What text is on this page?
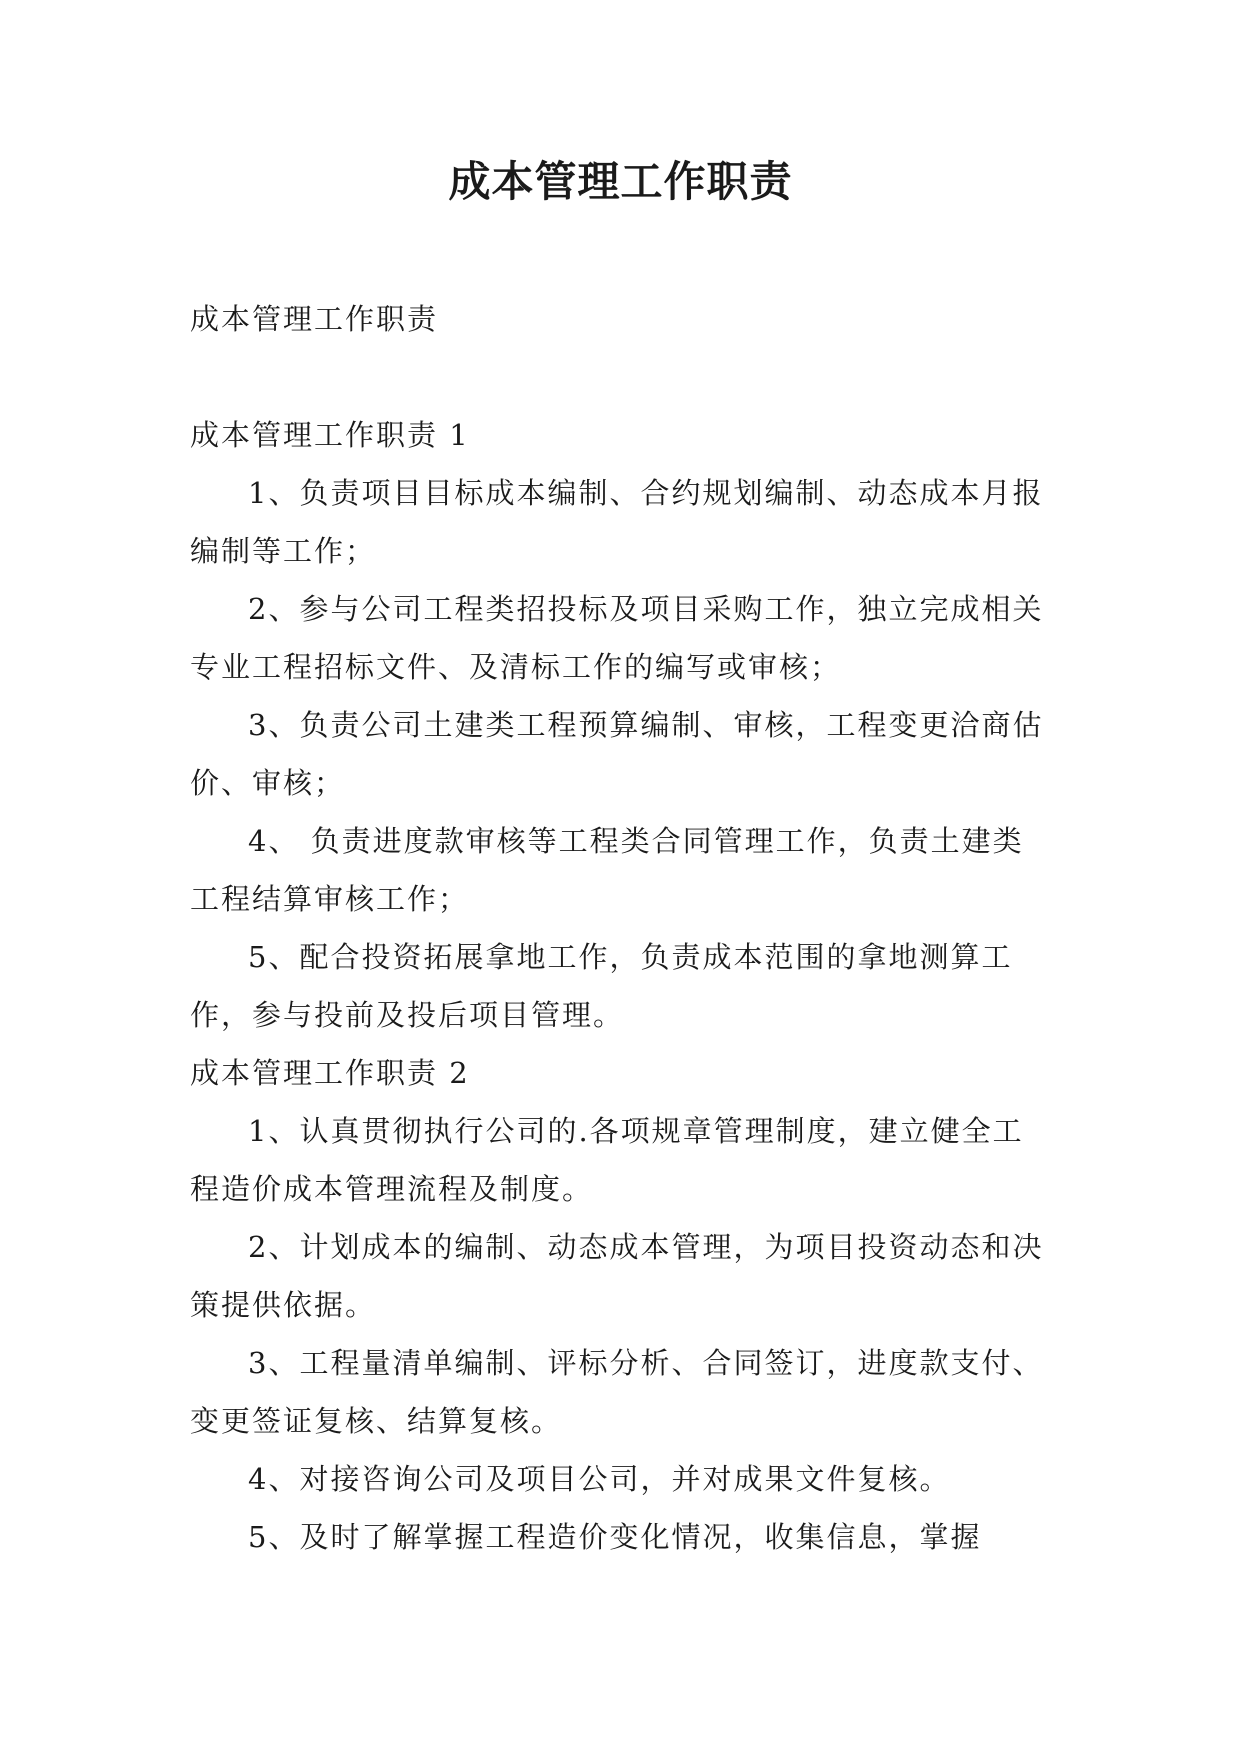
成本管理工作职责
成本管理工作职责
成本管理工作职责 1

1、负责项目目标成本编制、合约规划编制、动态成本月报编制等工作；

2、参与公司工程类招投标及项目采购工作，独立完成相关专业工程招标文件、及清标工作的编写或审核；

3、负责公司土建类工程预算编制、审核，工程变更洽商估价、审核；

4、 负责进度款审核等工程类合同管理工作，负责土建类工程结算审核工作；

5、配合投资拓展拿地工作，负责成本范围的拿地测算工作，参与投前及投后项目管理。

成本管理工作职责 2

1、认真贯彻执行公司的.各项规章管理制度，建立健全工程造价成本管理流程及制度。

2、计划成本的编制、动态成本管理，为项目投资动态和决策提供依据。

3、工程量清单编制、评标分析、合同签订，进度款支付、变更签证复核、结算复核。

4、对接咨询公司及项目公司，并对成果文件复核。

5、及时了解掌握工程造价变化情况，收集信息，掌握
